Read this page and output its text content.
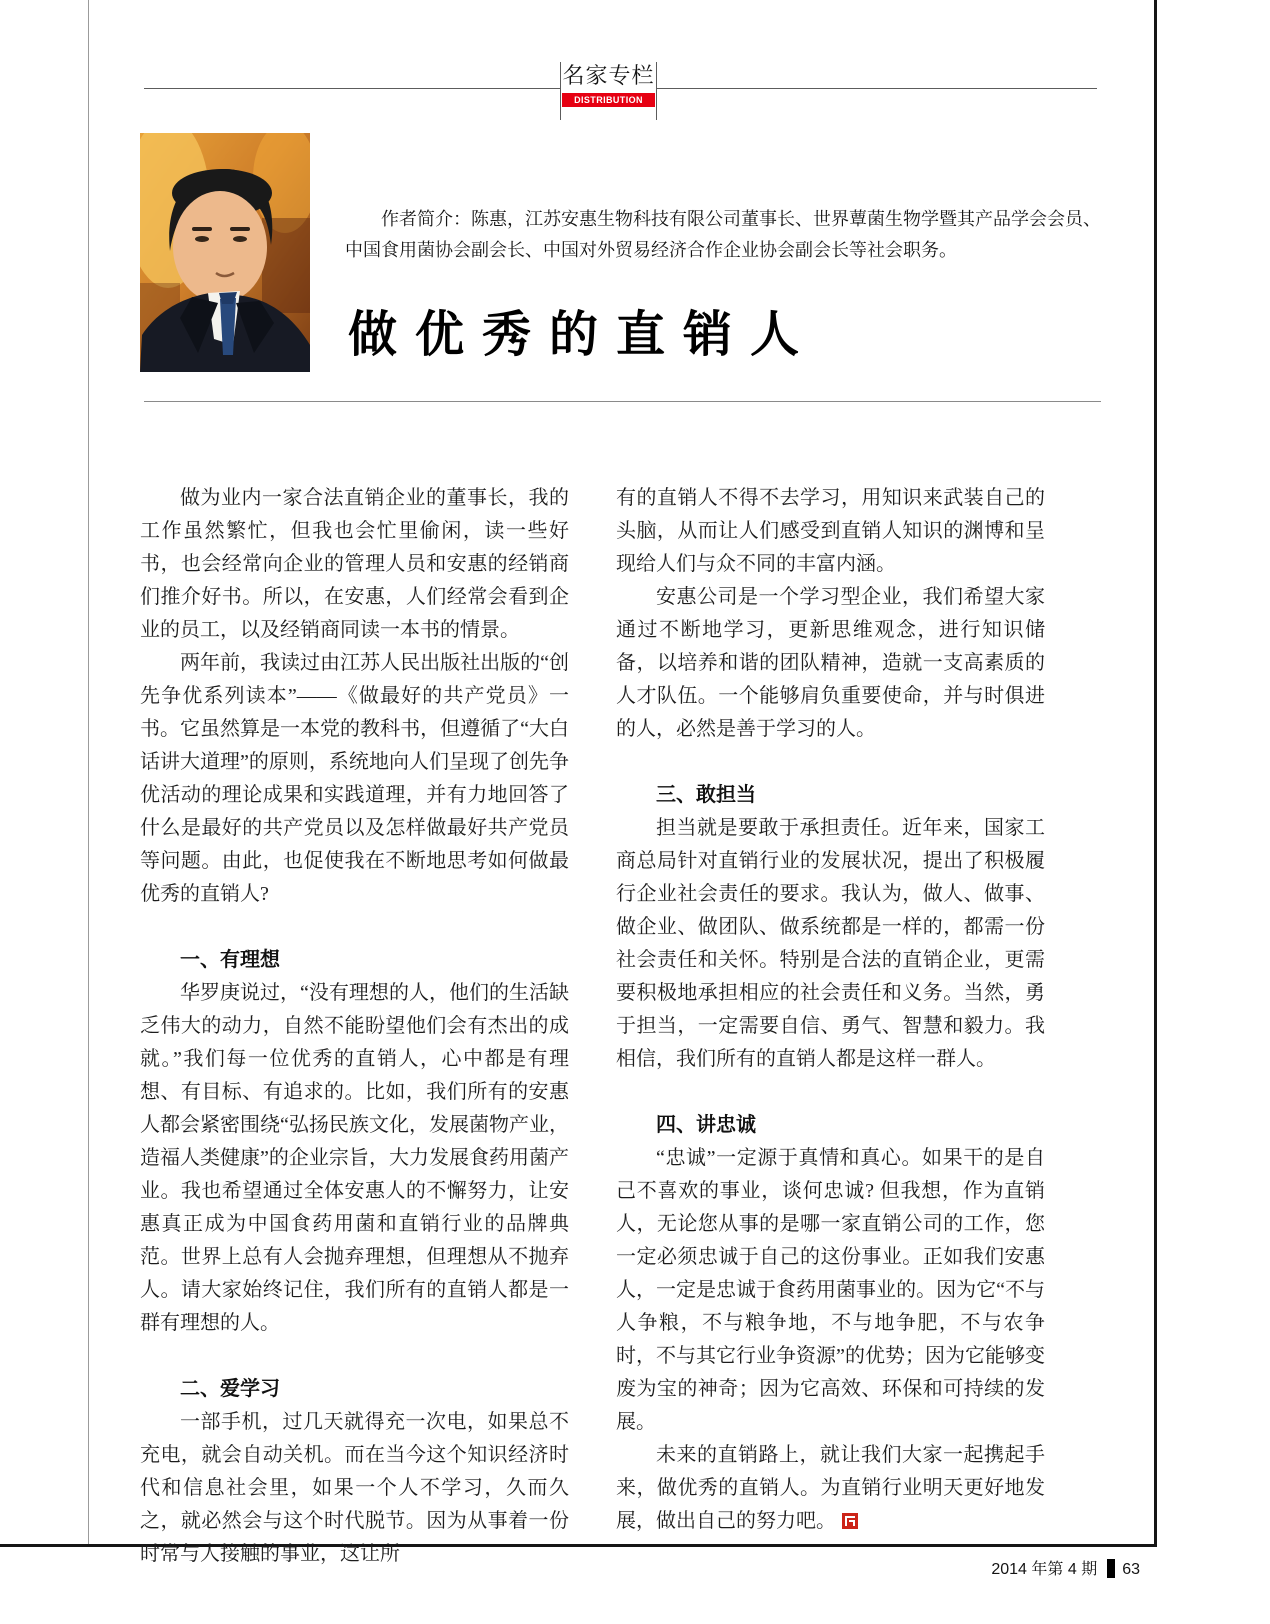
名家专栏
DISTRIBUTION TIME
作者简介：陈惠，江苏安惠生物科技有限公司董事长、世界蕈菌生物学暨其产品学会会员、
中国食用菌协会副会长、中国对外贸易经济合作企业协会副会长等社会职务。
做优秀的直销人
做为业内一家合法直销企业的董事长，我的工作虽然繁忙，但我也会忙里偷闲，读一些好书，也会经常向企业的管理人员和安惠的经销商们推介好书。所以，在安惠，人们经常会看到企业的员工，以及经销商同读一本书的情景。
两年前，我读过由江苏人民出版社出版的“创先争优系列读本”——《做最好的共产党员》一书。它虽然算是一本党的教科书，但遵循了“大白话讲大道理”的原则，系统地向人们呈现了创先争优活动的理论成果和实践道理，并有力地回答了什么是最好的共产党员以及怎样做最好共产党员等问题。由此，也促使我在不断地思考如何做最优秀的直销人?
一、有理想
华罗庚说过，“没有理想的人，他们的生活缺乏伟大的动力，自然不能盼望他们会有杰出的成就。”我们每一位优秀的直销人，心中都是有理想、有目标、有追求的。比如，我们所有的安惠人都会紧密围绕“弘扬民族文化，发展菌物产业，造福人类健康”的企业宗旨，大力发展食药用菌产业。我也希望通过全体安惠人的不懈努力，让安惠真正成为中国食药用菌和直销行业的品牌典范。世界上总有人会抛弃理想，但理想从不抛弃人。请大家始终记住，我们所有的直销人都是一群有理想的人。
二、爱学习
一部手机，过几天就得充一次电，如果总不充电，就会自动关机。而在当今这个知识经济时代和信息社会里，如果一个人不学习，久而久之，就必然会与这个时代脱节。因为从事着一份时常与人接触的事业，这让所
有的直销人不得不去学习，用知识来武装自己的头脑，从而让人们感受到直销人知识的渊博和呈现给人们与众不同的丰富内涵。
安惠公司是一个学习型企业，我们希望大家通过不断地学习，更新思维观念，进行知识储备，以培养和谐的团队精神，造就一支高素质的人才队伍。一个能够肩负重要使命，并与时俱进的人，必然是善于学习的人。
三、敢担当
担当就是要敢于承担责任。近年来，国家工商总局针对直销行业的发展状况，提出了积极履行企业社会责任的要求。我认为，做人、做事、做企业、做团队、做系统都是一样的，都需一份社会责任和关怀。特别是合法的直销企业，更需要积极地承担相应的社会责任和义务。当然，勇于担当，一定需要自信、勇气、智慧和毅力。我相信，我们所有的直销人都是这样一群人。
四、讲忠诚
“忠诚”一定源于真情和真心。如果干的是自己不喜欢的事业，谈何忠诚? 但我想，作为直销人，无论您从事的是哪一家直销公司的工作，您一定必须忠诚于自己的这份事业。正如我们安惠人，一定是忠诚于食药用菌事业的。因为它“不与人争粮，不与粮争地，不与地争肥，不与农争时，不与其它行业争资源”的优势；因为它能够变废为宝的神奇；因为它高效、环保和可持续的发展。
未来的直销路上，就让我们大家一起携起手来，做优秀的直销人。为直销行业明天更好地发展，做出自己的努力吧。
2014 年第 4 期 63
